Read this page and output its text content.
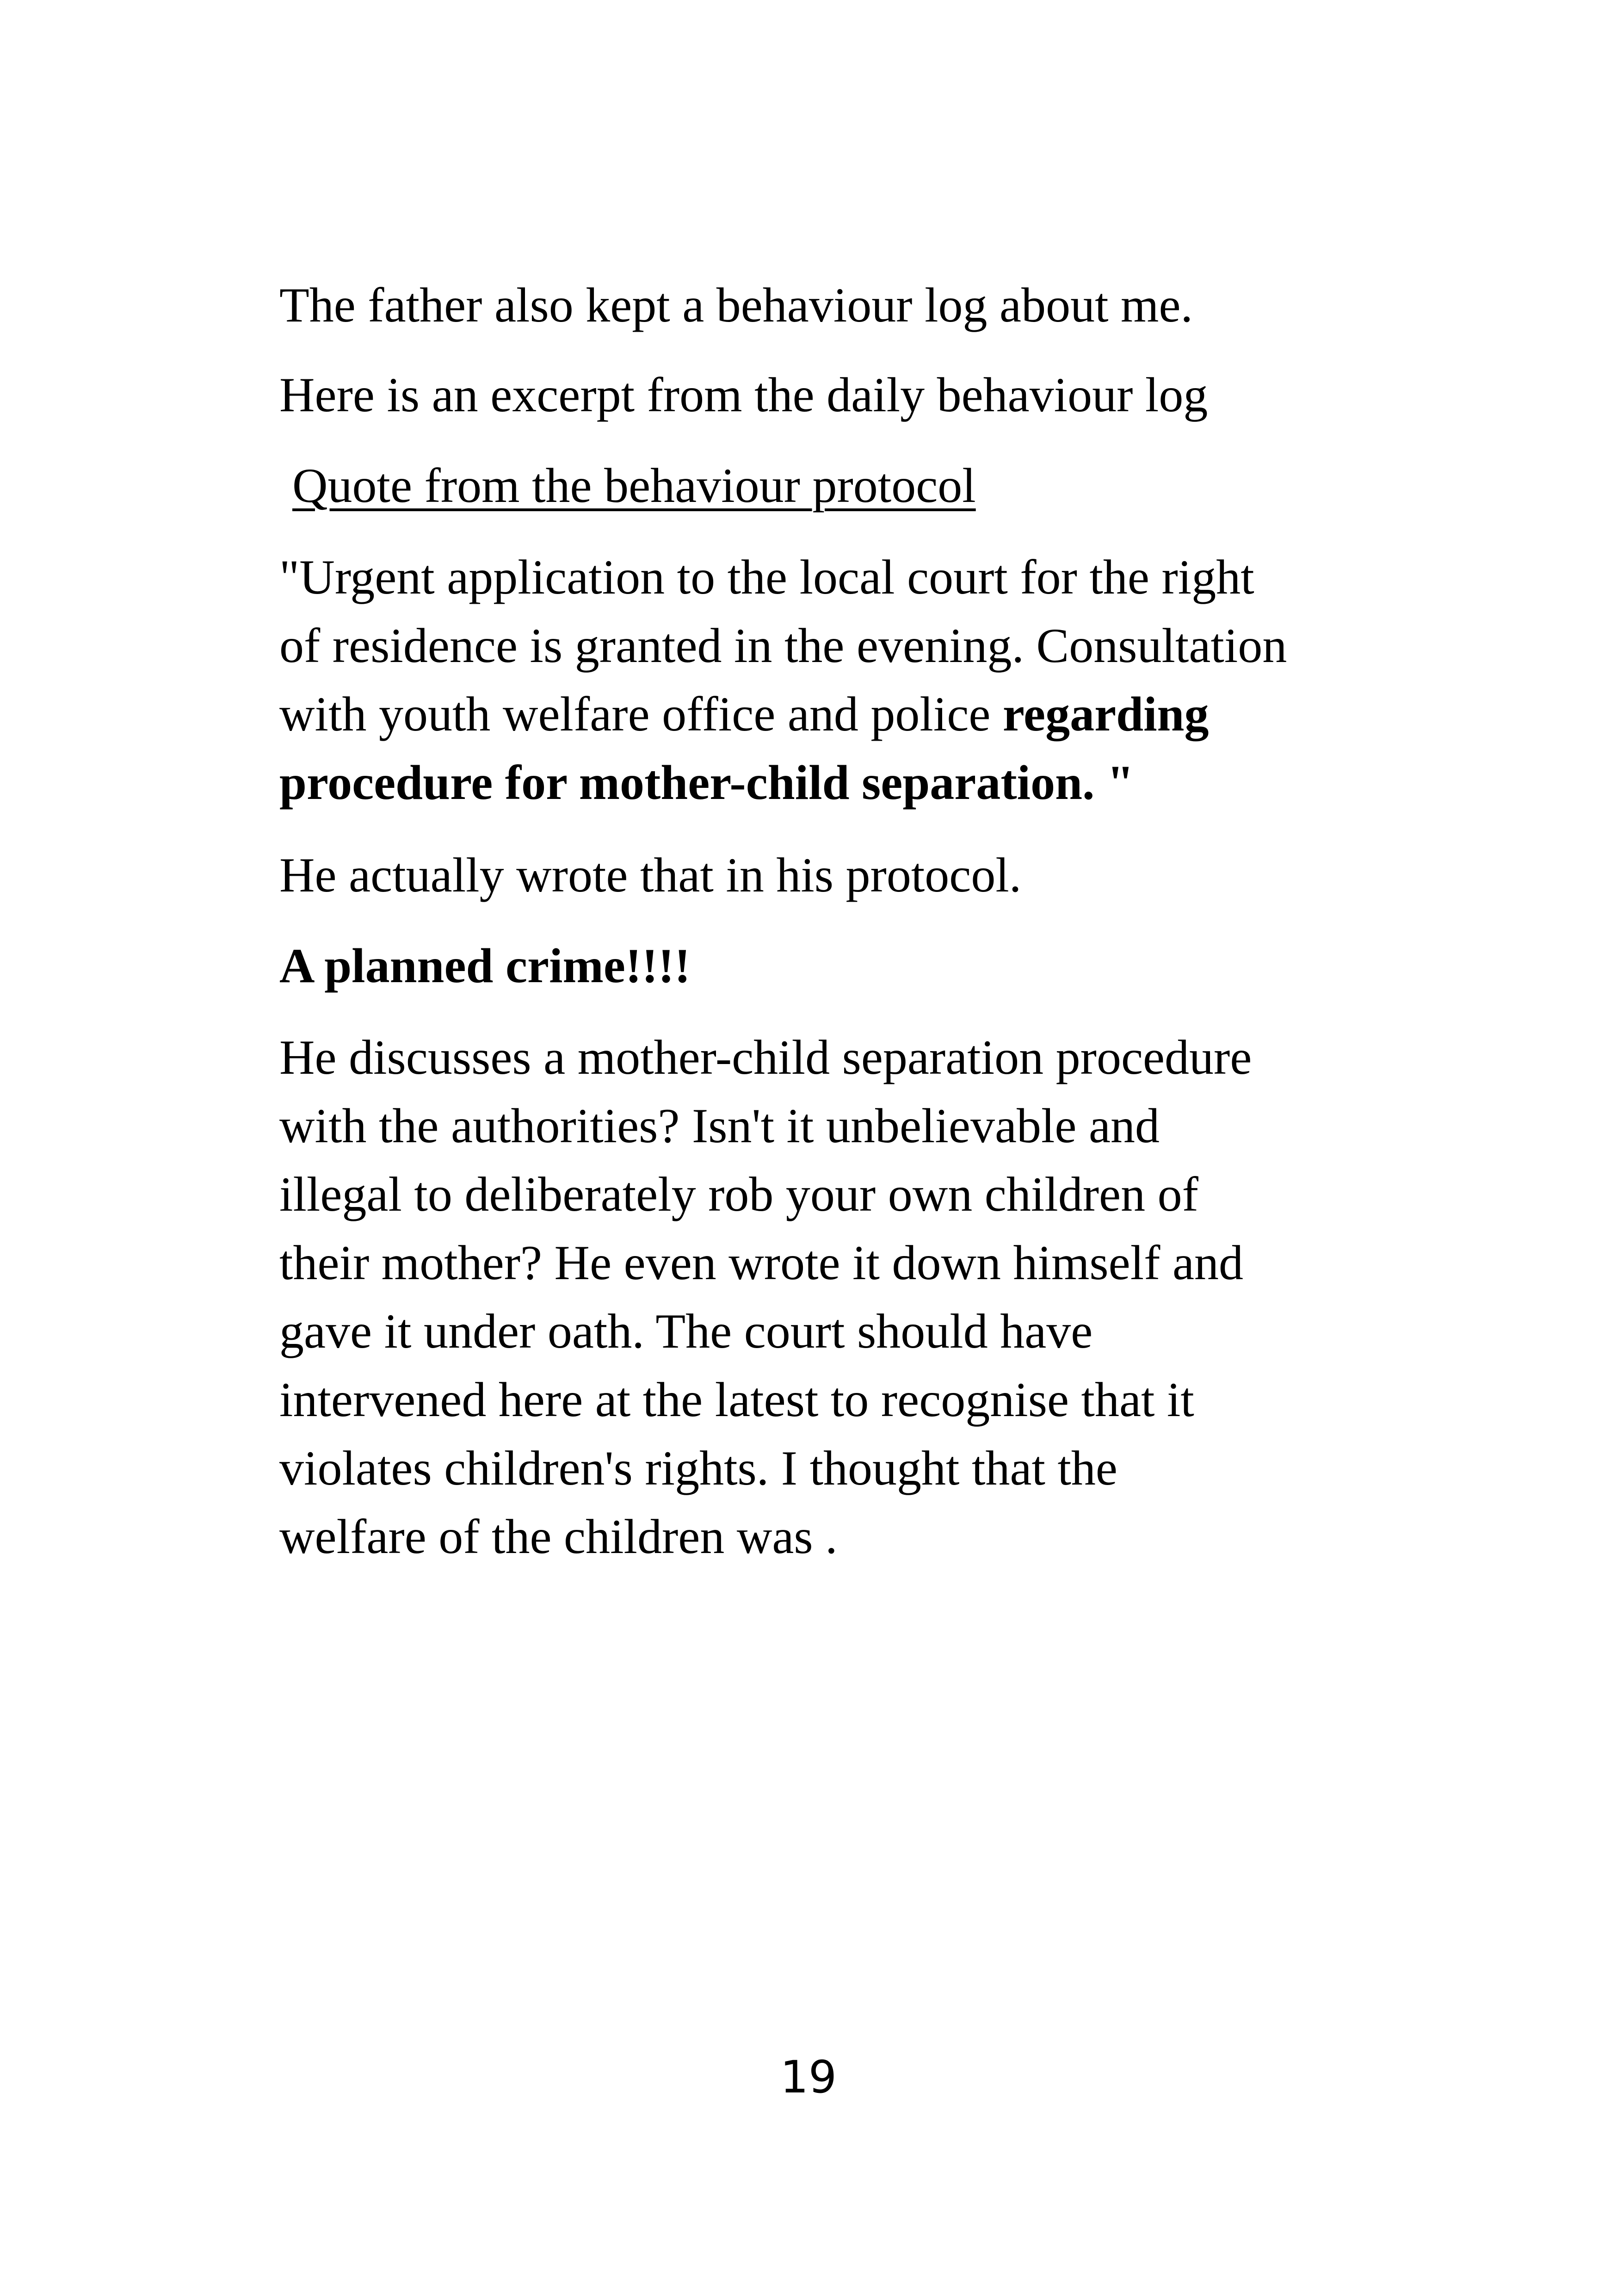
The father also kept a behaviour log about me.

Here is an excerpt from the daily behaviour log

Quote from the behaviour protocol

"Urgent application to the local court for the right
of residence is granted in the evening. Consultation
with youth welfare office and police regarding
procedure for mother-child separation. "

He actually wrote that in his protocol.

A planned crime!!!!

He discusses a mother-child separation procedure
with the authorities? Isn't it unbelievable and
illegal to deliberately rob your own children of
their mother? He even wrote it down himself and
gave it under oath. The court should have
intervened here at the latest to recognise that it
violates children's rights. I thought that the
welfare of the children was .
19
